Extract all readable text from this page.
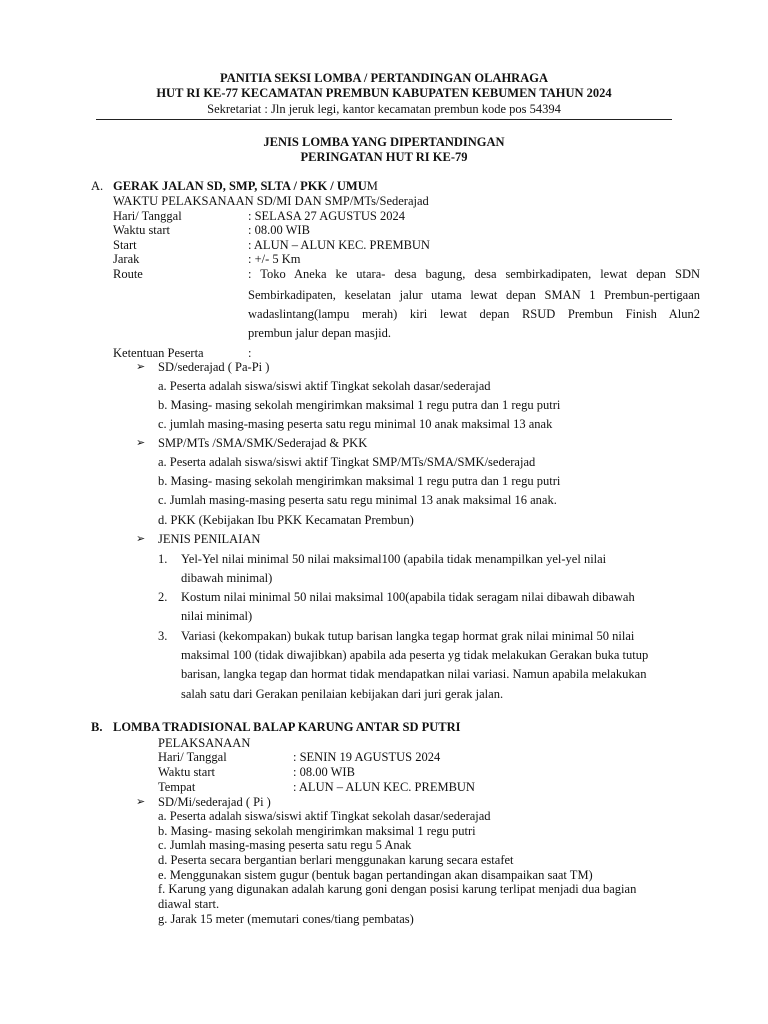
PANITIA SEKSI LOMBA / PERTANDINGAN OLAHRAGA
HUT RI KE-77 KECAMATAN PREMBUN KABUPATEN KEBUMEN TAHUN 2024
Sekretariat : Jln jeruk legi, kantor kecamatan prembun kode pos 54394
JENIS LOMBA YANG DIPERTANDINGAN
PERINGATAN HUT RI KE-79
A. GERAK JALAN SD, SMP, SLTA / PKK / UMUM
WAKTU PELAKSANAAN SD/MI DAN SMP/MTs/Sederajad
Hari/ Tanggal	: SELASA 27 AGUSTUS 2024
Waktu start	: 08.00 WIB
Start	: ALUN – ALUN KEC. PREMBUN
Jarak	: +/- 5 Km
Route	: Toko Aneka ke utara- desa bagung, desa sembirkadipaten, lewat depan SDN
Sembirkadipaten, keselatan jalur utama lewat depan SMAN 1 Prembun-pertigaan
wadaslintang(lampu merah) kiri lewat depan RSUD Prembun Finish Alun2
prembun jalur depan masjid.
Ketentuan Peserta	:
➢ SD/sederajad ( Pa-Pi )
a. Peserta adalah siswa/siswi aktif Tingkat sekolah dasar/sederajad
b. Masing- masing sekolah mengirimkan maksimal 1 regu putra dan 1 regu putri
c. jumlah masing-masing peserta satu regu minimal 10 anak maksimal 13 anak
➢ SMP/MTs /SMA/SMK/Sederajad & PKK
a. Peserta adalah siswa/siswi aktif Tingkat SMP/MTs/SMA/SMK/sederajad
b. Masing- masing sekolah mengirimkan maksimal 1 regu putra dan 1 regu putri
c. Jumlah masing-masing peserta satu regu minimal 13 anak maksimal 16 anak.
d. PKK (Kebijakan Ibu PKK Kecamatan Prembun)
➢ JENIS PENILAIAN
1. Yel-Yel nilai minimal 50 nilai maksimal100 (apabila tidak menampilkan yel-yel nilai
dibawah minimal)
2. Kostum nilai minimal 50 nilai maksimal 100(apabila tidak seragam nilai dibawah dibawah
nilai minimal)
3. Variasi (kekompakan) bukak tutup barisan langka tegap hormat grak nilai minimal 50 nilai
maksimal 100 (tidak diwajibkan) apabila ada peserta yg tidak melakukan Gerakan buka tutup
barisan, langka tegap dan hormat tidak mendapatkan nilai variasi. Namun apabila melakukan
salah satu dari Gerakan penilaian kebijakan dari juri gerak jalan.
B. LOMBA TRADISIONAL BALAP KARUNG ANTAR SD PUTRI
PELAKSANAAN
Hari/ Tanggal	: SENIN 19 AGUSTUS 2024
Waktu start	: 08.00 WIB
Tempat	: ALUN – ALUN KEC. PREMBUN
➢ SD/Mi/sederajad ( Pi )
a. Peserta adalah siswa/siswi aktif Tingkat sekolah dasar/sederajad
b. Masing- masing sekolah mengirimkan maksimal 1 regu putri
c. Jumlah masing-masing peserta satu regu 5 Anak
d. Peserta secara bergantian berlari menggunakan karung secara estafet
e. Menggunakan sistem gugur (bentuk bagan pertandingan akan disampaikan saat TM)
f. Karung yang digunakan adalah karung goni dengan posisi karung terlipat menjadi dua bagian
diawal start.
g. Jarak 15 meter (memutari cones/tiang pembatas)
